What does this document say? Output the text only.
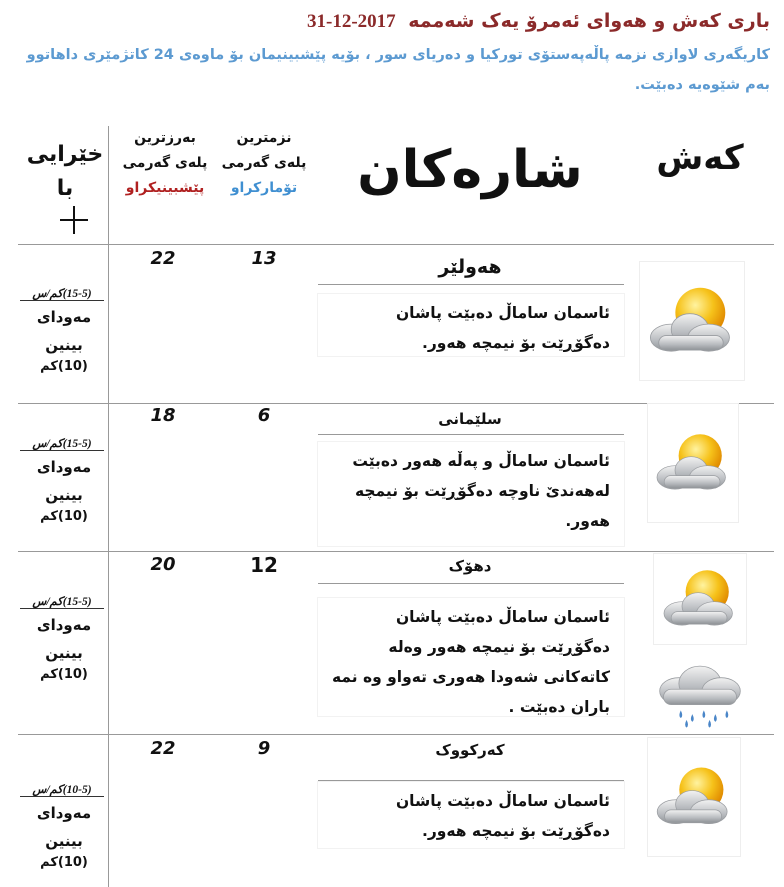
باری کەش و هەوای ئەمرۆ یەک شەممە 2017-12-31
کاریگەری لاوازی نزمە پاڵەپەستۆی تورکیا و دەریای سور ، بۆیە پێشبینیمان بۆ ماوەی 24 کاتژمێری داهاتوو بەم شێوەیە دەبێت.
کەش
شارەکان
نزمترین
پلەی گەرمی
تۆمارکراو
بەرزترین
پلەی گەرمی
پێشبینیکراو
خێرایی
با
22	13	هەولێر
ئاسمان ساماڵ دەبێت پاشان دەگۆڕێت بۆ نیمچە هەور.
(15-5)کم/س
مەودای
بینین
(10)کم
18	6	سلێمانی
ئاسمان ساماڵ و پەڵە هەور دەبێت لەهەندێ ناوچە دەگۆڕێت بۆ نیمچە هەور.
(15-5)کم/س
مەودای
بینین
(10)کم
20	12	دهۆک
ئاسمان ساماڵ دەبێت پاشان دەگۆڕێت بۆ نیمچە هەور وەلە کاتەکانی شەودا هەوری تەواو وە نمە باران دەبێت .
(15-5)کم/س
مەودای
بینین
(10)کم
22	9	کەرکووک
ئاسمان ساماڵ دەبێت پاشان دەگۆڕێت بۆ نیمچە هەور.
(10-5)کم/س
مەودای
بینین
(10)کم
